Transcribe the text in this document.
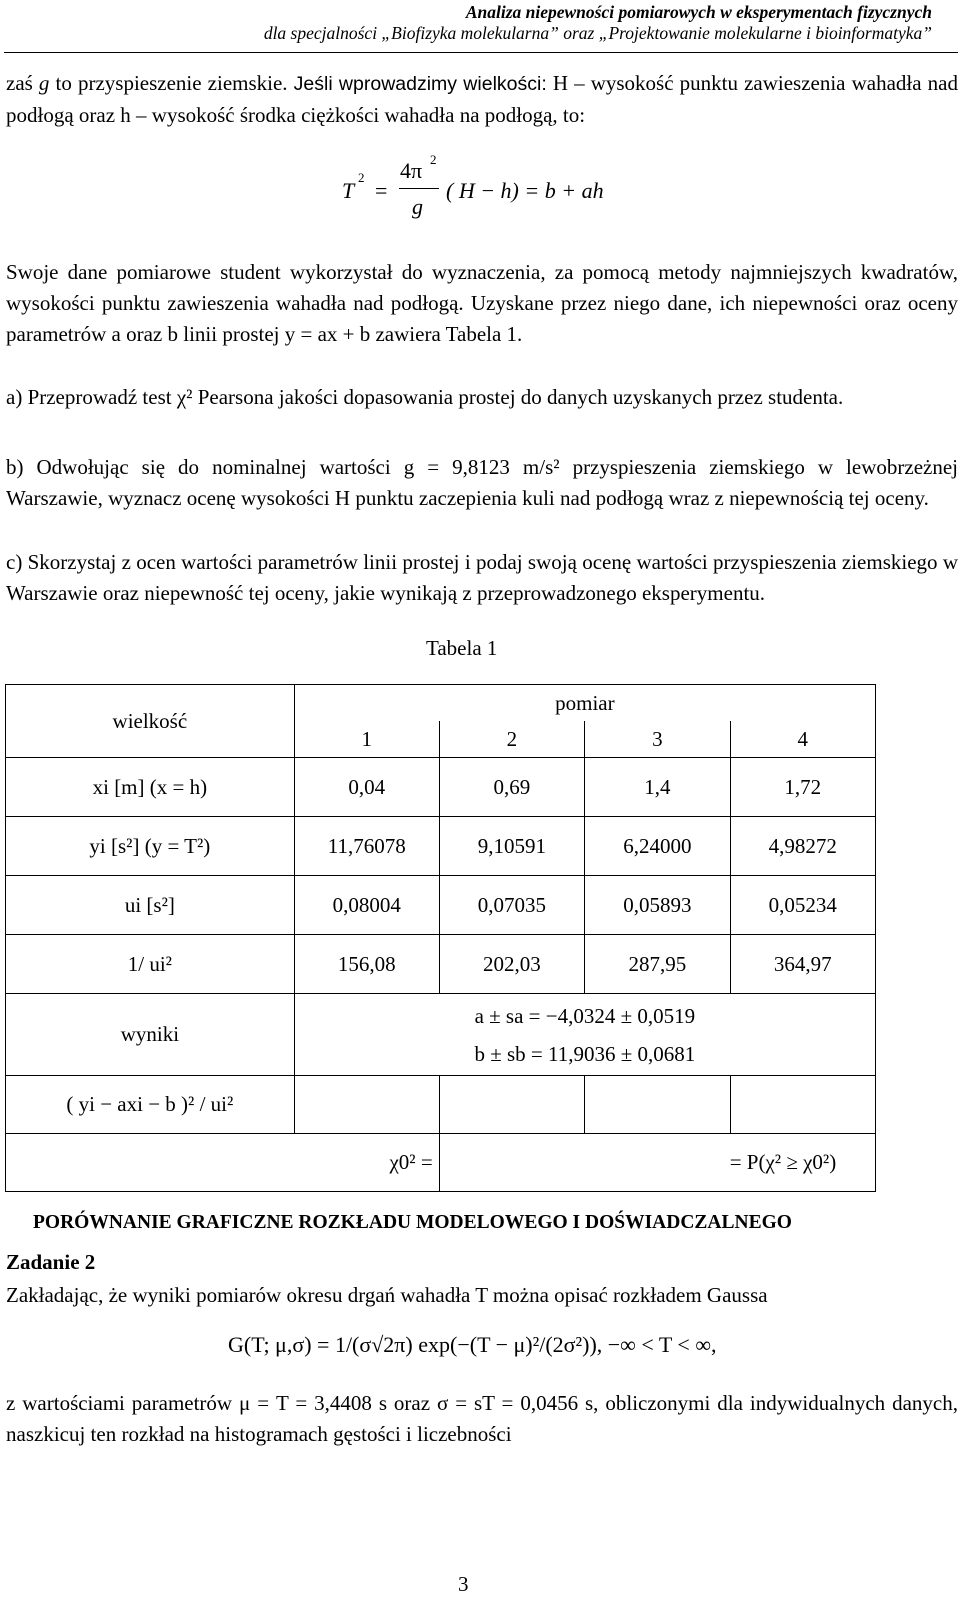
Analiza niepewności pomiarowych w eksperymentach fizycznych
dla specjalności „Biofizyka molekularna” oraz „Projektowanie molekularne i bioinformatyka”
zaś g to przyspieszenie ziemskie. Jeśli wprowadzimy wielkości: H – wysokość punktu zawieszenia wahadła nad podłogą oraz h – wysokość środka ciężkości wahadła na podłogą, to:
T
2
=
4π 2
g
( H − h) = b + ah
Swoje dane pomiarowe student wykorzystał do wyznaczenia, za pomocą metody najmniejszych kwadratów, wysokości punktu zawieszenia wahadła nad podłogą. Uzyskane przez niego dane, ich niepewności oraz oceny parametrów a oraz b linii prostej y = ax + b zawiera Tabela 1.
a) Przeprowadź test χ² Pearsona jakości dopasowania prostej do danych uzyskanych przez studenta.
b) Odwołując się do nominalnej wartości g = 9,8123 m/s² przyspieszenia ziemskiego w lewobrzeżnej Warszawie, wyznacz ocenę wysokości H punktu zaczepienia kuli nad podłogą wraz z niepewnością tej oceny.
c) Skorzystaj z ocen wartości parametrów linii prostej i podaj swoją ocenę wartości przyspieszenia ziemskiego w Warszawie oraz niepewność tej oceny, jakie wynikają z przeprowadzonego eksperymentu.
Tabela 1
wielkość	pomiar			
	1	2	3	4
xi [m] (x = h)	0,04	0,69	1,4	1,72
yi [s²] (y = T²)	11,76078	9,10591	6,24000	4,98272
ui [s²]	0,08004	0,07035	0,05893	0,05234
1/ ui²	156,08	202,03	287,95	364,97
wyniki	a ± sa = −4,0324 ± 0,0519
b ± sb = 11,9036 ± 0,0681			

( yi − axi − b )² / ui²				
χ0² =		= P(χ² ≥ χ0²)		
PORÓWNANIE GRAFICZNE ROZKŁADU MODELOWEGO I DOŚWIADCZALNEGO
Zadanie 2
Zakładając, że wyniki pomiarów okresu drgań wahadła T można opisać rozkładem Gaussa
G(T; μ,σ) = 1/(σ√2π) exp(−(T − μ)²/(2σ²)), −∞ < T < ∞,
z wartościami parametrów μ = T = 3,4408 s oraz σ = sT = 0,0456 s, obliczonymi dla indywidualnych danych, naszkicuj ten rozkład na histogramach gęstości i liczebności
3
